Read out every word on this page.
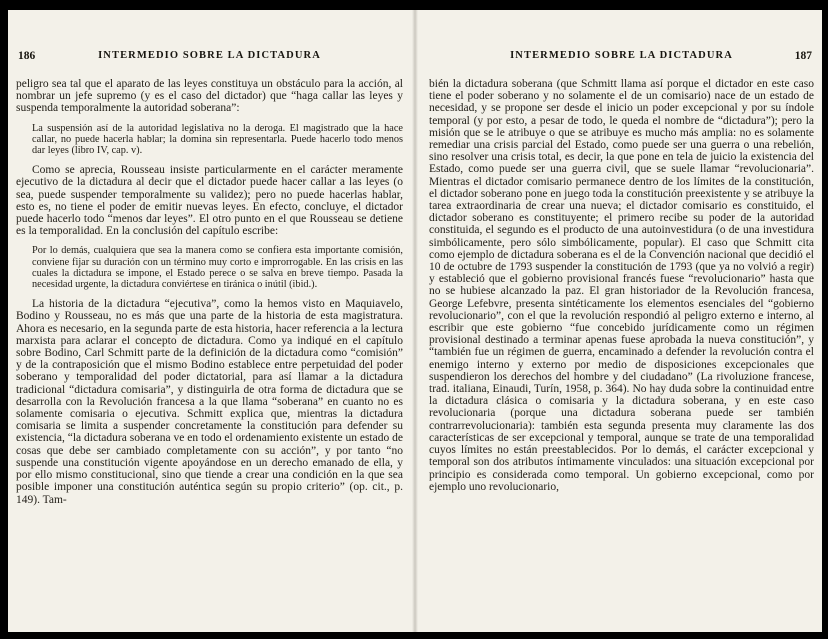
186	INTERMEDIO SOBRE LA DICTADURA

peligro sea tal que el aparato de las leyes constituya un obstáculo para la acción, al nombrar un jefe supremo (y es el caso del dictador) que “haga callar las leyes y suspenda temporalmente la autoridad soberana”:

La suspensión así de la autoridad legislativa no la deroga. El magistrado que la hace callar, no puede hacerla hablar; la domina sin representarla. Puede hacerlo todo menos dar leyes (libro IV, cap. v).

Como se aprecia, Rousseau insiste particularmente en el carácter meramente ejecutivo de la dictadura al decir que el dictador puede hacer callar a las leyes (o sea, puede suspender temporalmente su validez); pero no puede hacerlas hablar, esto es, no tiene el poder de emitir nuevas leyes. En efecto, concluye, el dictador puede hacerlo todo “menos dar leyes”. El otro punto en el que Rousseau se detiene es la temporalidad. En la conclusión del capítulo escribe:

Por lo demás, cualquiera que sea la manera como se confiera esta importante comisión, conviene fijar su duración con un término muy corto e improrrogable. En las crisis en las cuales la dictadura se impone, el Estado perece o se salva en breve tiempo. Pasada la necesidad urgente, la dictadura conviértese en tiránica o inútil (ibid.).

La historia de la dictadura “ejecutiva”, como la hemos visto en Maquiavelo, Bodino y Rousseau, no es más que una parte de la historia de esta magistratura. Ahora es necesario, en la segunda parte de esta historia, hacer referencia a la lectura marxista para aclarar el concepto de dictadura. Como ya indiqué en el capítulo sobre Bodino, Carl Schmitt parte de la definición de la dictadura como “comisión” y de la contraposición que el mismo Bodino establece entre perpetuidad del poder soberano y temporalidad del poder dictatorial, para así llamar a la dictadura tradicional “dictadura comisaria”, y distinguirla de otra forma de dictadura que se desarrolla con la Revolución francesa a la que llama “soberana” en cuanto no es solamente comisaria o ejecutiva. Schmitt explica que, mientras la dictadura comisaria se limita a suspender concretamente la constitución para defender su existencia, “la dictadura soberana ve en todo el ordenamiento existente un estado de cosas que debe ser cambiado completamente con su acción”, y por tanto “no suspende una constitución vigente apoyándose en un derecho emanado de ella, y por ello mismo constitucional, sino que tiende a crear una condición en la que sea posible imponer una constitución auténtica según su propio criterio” (op. cit., p. 149). Tam-

INTERMEDIO SOBRE LA DICTADURA	187

bién la dictadura soberana (que Schmitt llama así porque el dictador en este caso tiene el poder soberano y no solamente el de un comisario) nace de un estado de necesidad, y se propone ser desde el inicio un poder excepcional y por su índole temporal (y por esto, a pesar de todo, le queda el nombre de “dictadura”); pero la misión que se le atribuye o que se atribuye es mucho más amplia: no es solamente remediar una crisis parcial del Estado, como puede ser una guerra o una rebelión, sino resolver una crisis total, es decir, la que pone en tela de juicio la existencia del Estado, como puede ser una guerra civil, que se suele llamar “revolucionaria”. Mientras el dictador comisario permanece dentro de los límites de la constitución, el dictador soberano pone en juego toda la constitución preexistente y se atribuye la tarea extraordinaria de crear una nueva; el dictador comisario es constituido, el dictador soberano es constituyente; el primero recibe su poder de la autoridad constituida, el segundo es el producto de una autoinvestidura (o de una investidura simbólicamente, pero sólo simbólicamente, popular). El caso que Schmitt cita como ejemplo de dictadura soberana es el de la Convención nacional que decidió el 10 de octubre de 1793 suspender la constitución de 1793 (que ya no volvió a regir) y estableció que el gobierno provisional francés fuese “revolucionario” hasta que no se hubiese alcanzado la paz. El gran historiador de la Revolución francesa, George Lefebvre, presenta sintéticamente los elementos esenciales del “gobierno revolucionario”, con el que la revolución respondió al peligro externo e interno, al escribir que este gobierno “fue concebido jurídicamente como un régimen provisional destinado a terminar apenas fuese aprobada la nueva constitución”, y “también fue un régimen de guerra, encaminado a defender la revolución contra el enemigo interno y externo por medio de disposiciones excepcionales que suspendieron los derechos del hombre y del ciudadano” (La rivoluzione francese, trad. italiana, Einaudi, Turín, 1958, p. 364). No hay duda sobre la continuidad entre la dictadura clásica o comisaria y la dictadura soberana, y en este caso revolucionaria (porque una dictadura soberana puede ser también contrarrevolucionaria): también esta segunda presenta muy claramente las dos características de ser excepcional y temporal, aunque se trate de una temporalidad cuyos límites no están preestablecidos. Por lo demás, el carácter excepcional y temporal son dos atributos íntimamente vinculados: una situación excepcional por principio es considerada como temporal. Un gobierno excepcional, como por ejemplo uno revolucionario,
